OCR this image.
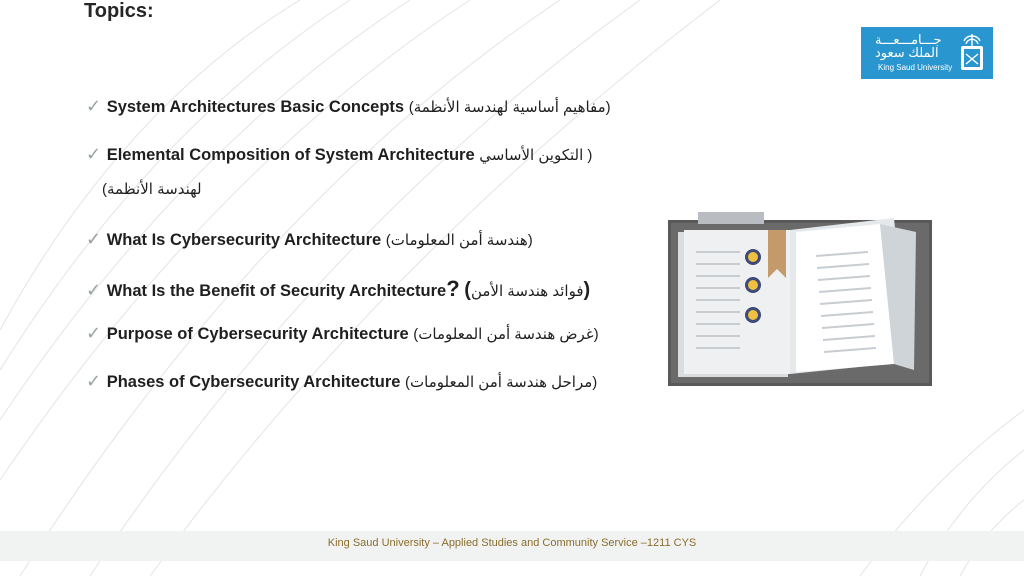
Topics:
جـــامـــعـــة
الملك سعود
King Saud University
✓ System Architectures Basic Concepts	(مفاهيم أساسية لهندسة الأنظمة)
✓ Elemental Composition of System Architecture	( التكوين الأساسي
لهندسة الأنظمة)
✓ What Is Cybersecurity Architecture	(هندسة أمن المعلومات)
✓ What Is the Benefit of Security Architecture?	(فوائد هندسة الأمن)
✓ Purpose of Cybersecurity Architecture	(غرض هندسة أمن المعلومات)
✓ Phases of Cybersecurity Architecture	(مراحل هندسة أمن المعلومات)
King Saud University – Applied Studies and Community Service –1211 CYS
